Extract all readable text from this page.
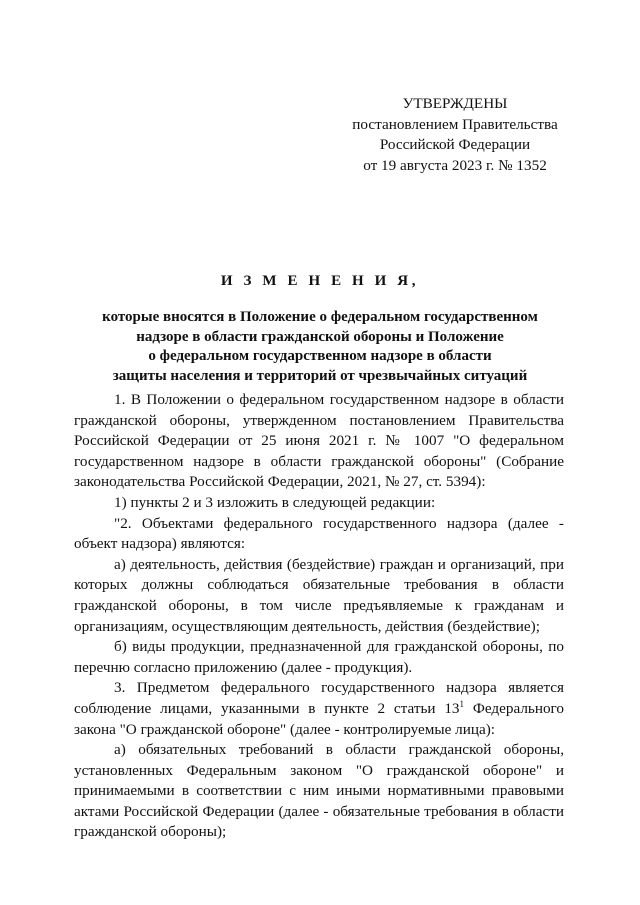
УТВЕРЖДЕНЫ
постановлением Правительства
Российской Федерации
от 19 августа 2023 г. № 1352
И З М Е Н Е Н И Я,
которые вносятся в Положение о федеральном государственном
надзоре в области гражданской обороны и Положение
о федеральном государственном надзоре в области
защиты населения и территорий от чрезвычайных ситуаций

1. В Положении о федеральном государственном надзоре в области гражданской обороны, утвержденном постановлением Правительства Российской Федерации от 25 июня 2021 г. № 1007 "О федеральном государственном надзоре в области гражданской обороны" (Собрание законодательства Российской Федерации, 2021, № 27, ст. 5394):

1) пункты 2 и 3 изложить в следующей редакции:

"2. Объектами федерального государственного надзора (далее - объект надзора) являются:

а) деятельность, действия (бездействие) граждан и организаций, при которых должны соблюдаться обязательные требования в области гражданской обороны, в том числе предъявляемые к гражданам и организациям, осуществляющим деятельность, действия (бездействие);

б) виды продукции, предназначенной для гражданской обороны, по перечню согласно приложению (далее - продукция).

3. Предметом федерального государственного надзора является соблюдение лицами, указанными в пункте 2 статьи $13^1$ Федерального закона "О гражданской обороне" (далее - контролируемые лица):

а) обязательных требований в области гражданской обороны, установленных Федеральным законом "О гражданской обороне" и принимаемыми в соответствии с ним иными нормативными правовыми актами Российской Федерации (далее - обязательные требования в области гражданской обороны);
